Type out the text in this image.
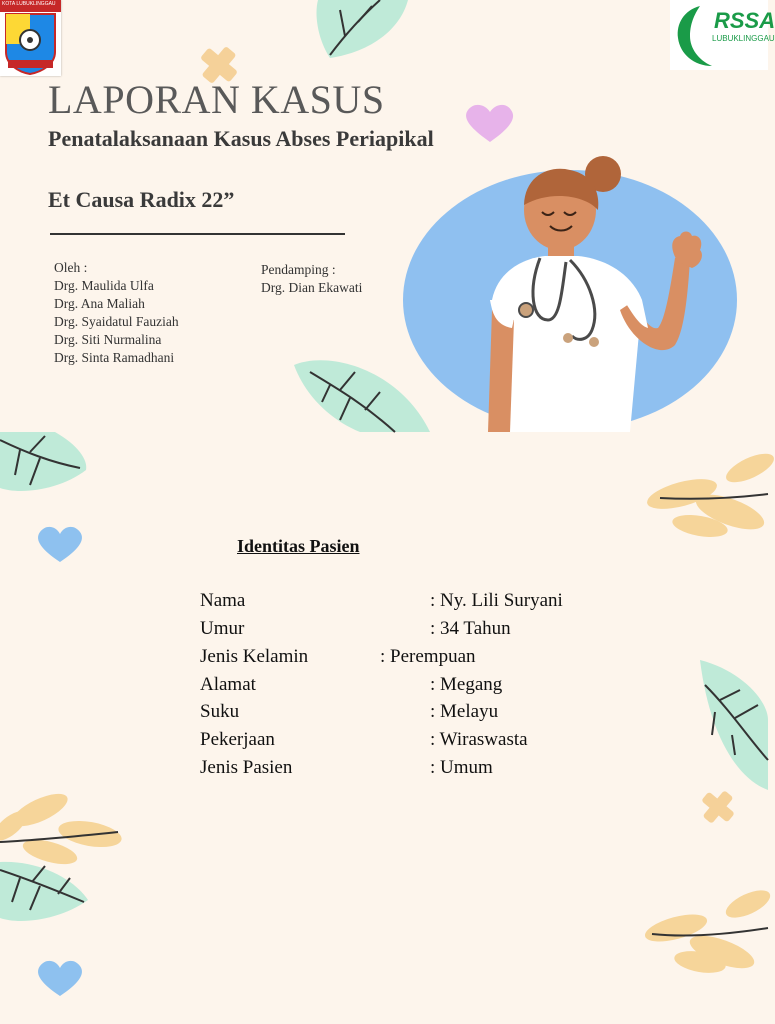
KOTA LUBUKLINGGAU
RSSA
LUBUKLINGGAU
LAPORAN KASUS
Penatalaksanaan Kasus Abses Periapikal
Et Causa Radix 22”
Oleh :
Drg. Maulida Ulfa
Drg. Ana Maliah
Drg. Syaidatul Fauziah
Drg. Siti Nurmalina
Drg. Sinta Ramadhani
Pendamping :
Drg. Dian Ekawati
Identitas Pasien
Nama	: Ny. Lili Suryani
Umur	: 34 Tahun
Jenis Kelamin	: Perempuan
Alamat	: Megang
Suku	: Melayu
Pekerjaan	: Wiraswasta
Jenis Pasien	: Umum
